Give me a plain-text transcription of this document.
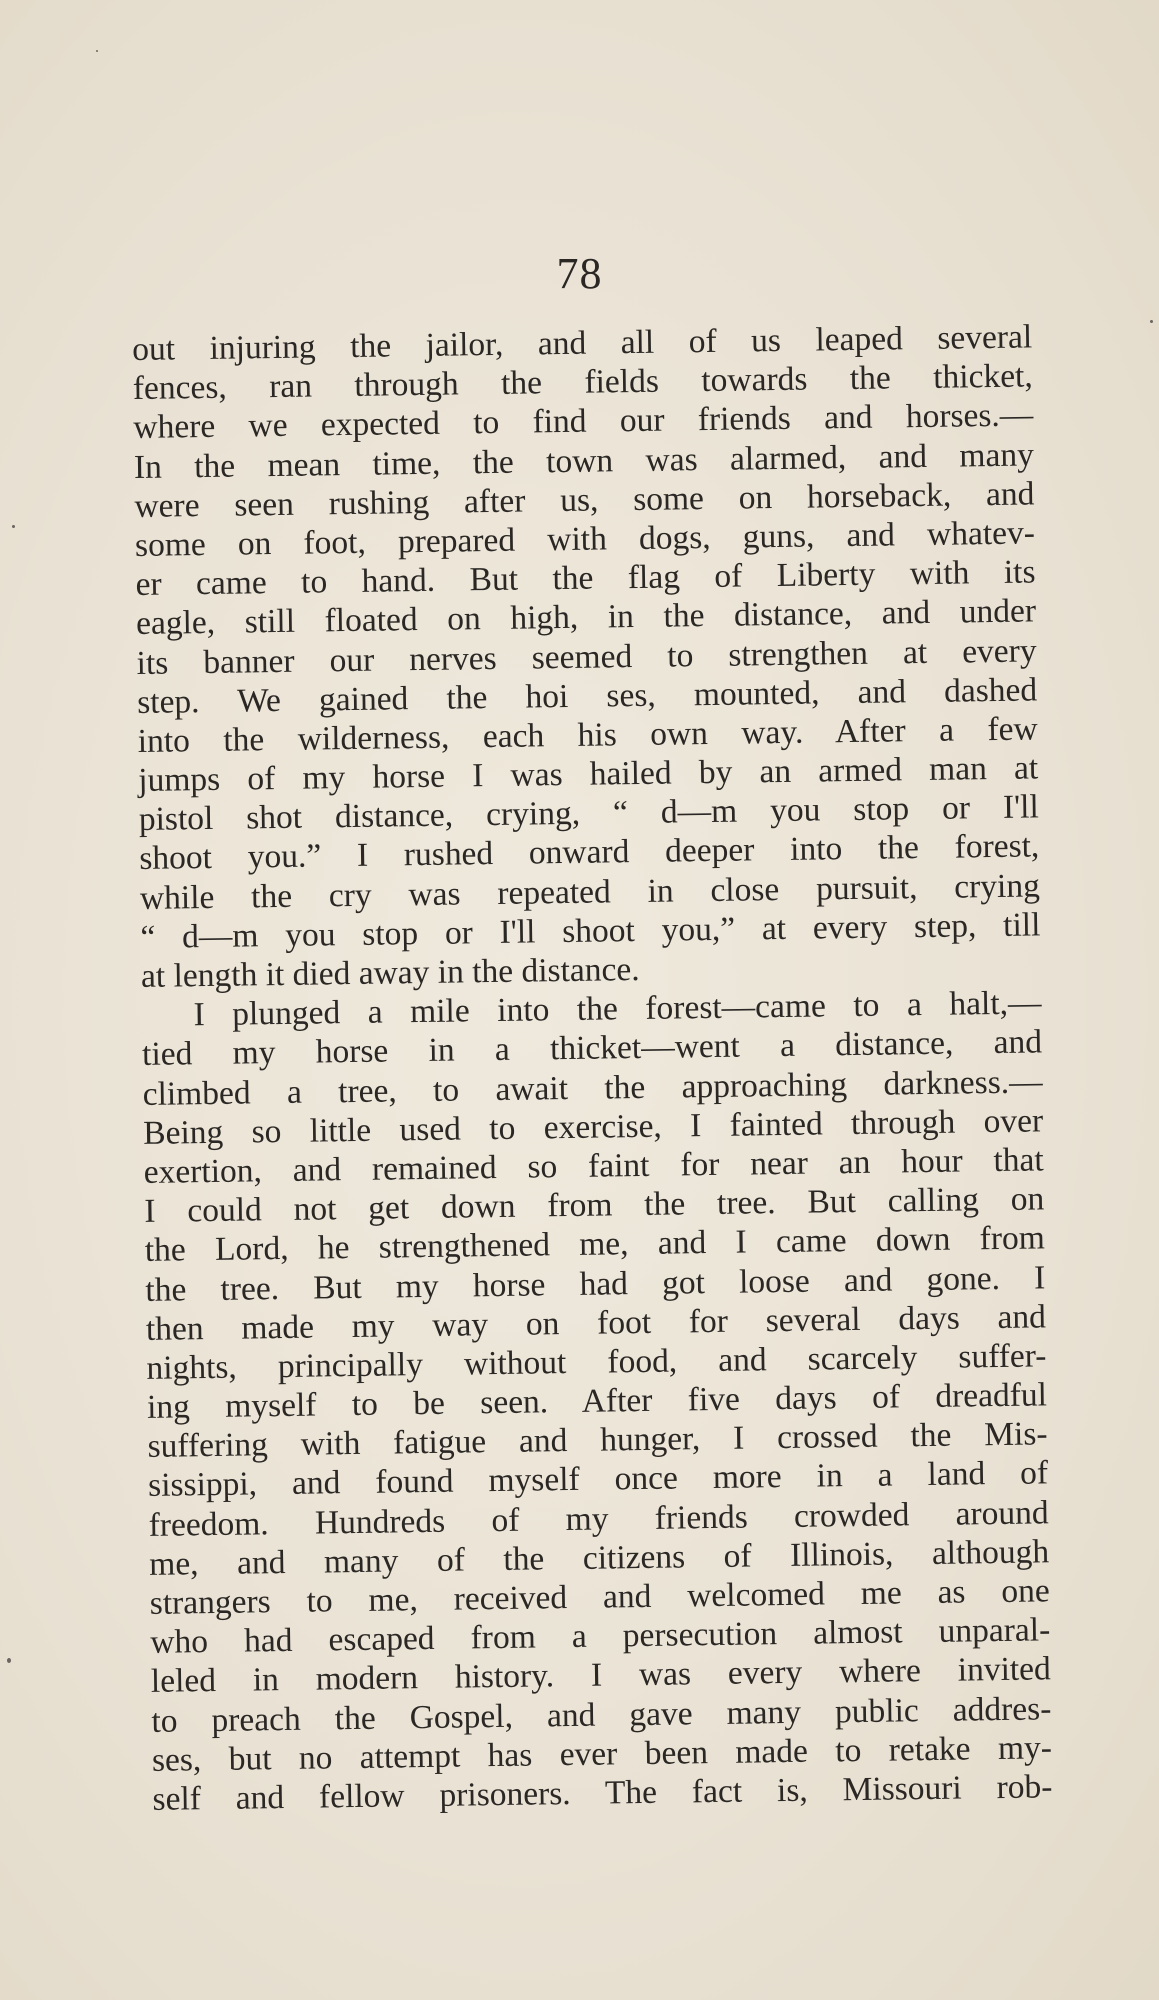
78
out injuring the jailor, and all of us leaped several
fences, ran through the fields towards the thicket,
where we expected to find our friends and horses.—
In the mean time, the town was alarmed, and many
were seen rushing after us, some on horseback, and
some on foot, prepared with dogs, guns, and whatev-
er came to hand. But the flag of Liberty with its
eagle, still floated on high, in the distance, and under
its banner our nerves seemed to strengthen at every
step. We gained the hoi ses, mounted, and dashed
into the wilderness, each his own way. After a few
jumps of my horse I was hailed by an armed man at
pistol shot distance, crying, “ d—m you stop or I'll
shoot you.” I rushed onward deeper into the forest,
while the cry was repeated in close pursuit, crying
“ d—m you stop or I'll shoot you,” at every step, till
at length it died away in the distance.
I plunged a mile into the forest—came to a halt,—
tied my horse in a thicket—went a distance, and
climbed a tree, to await the approaching darkness.—
Being so little used to exercise, I fainted through over
exertion, and remained so faint for near an hour that
I could not get down from the tree. But calling on
the Lord, he strengthened me, and I came down from
the tree. But my horse had got loose and gone. I
then made my way on foot for several days and
nights, principally without food, and scarcely suffer-
ing myself to be seen. After five days of dreadful
suffering with fatigue and hunger, I crossed the Mis-
sissippi, and found myself once more in a land of
freedom. Hundreds of my friends crowded around
me, and many of the citizens of Illinois, although
strangers to me, received and welcomed me as one
who had escaped from a persecution almost unparal-
leled in modern history. I was every where invited
to preach the Gospel, and gave many public addres-
ses, but no attempt has ever been made to retake my-
self and fellow prisoners. The fact is, Missouri rob-
